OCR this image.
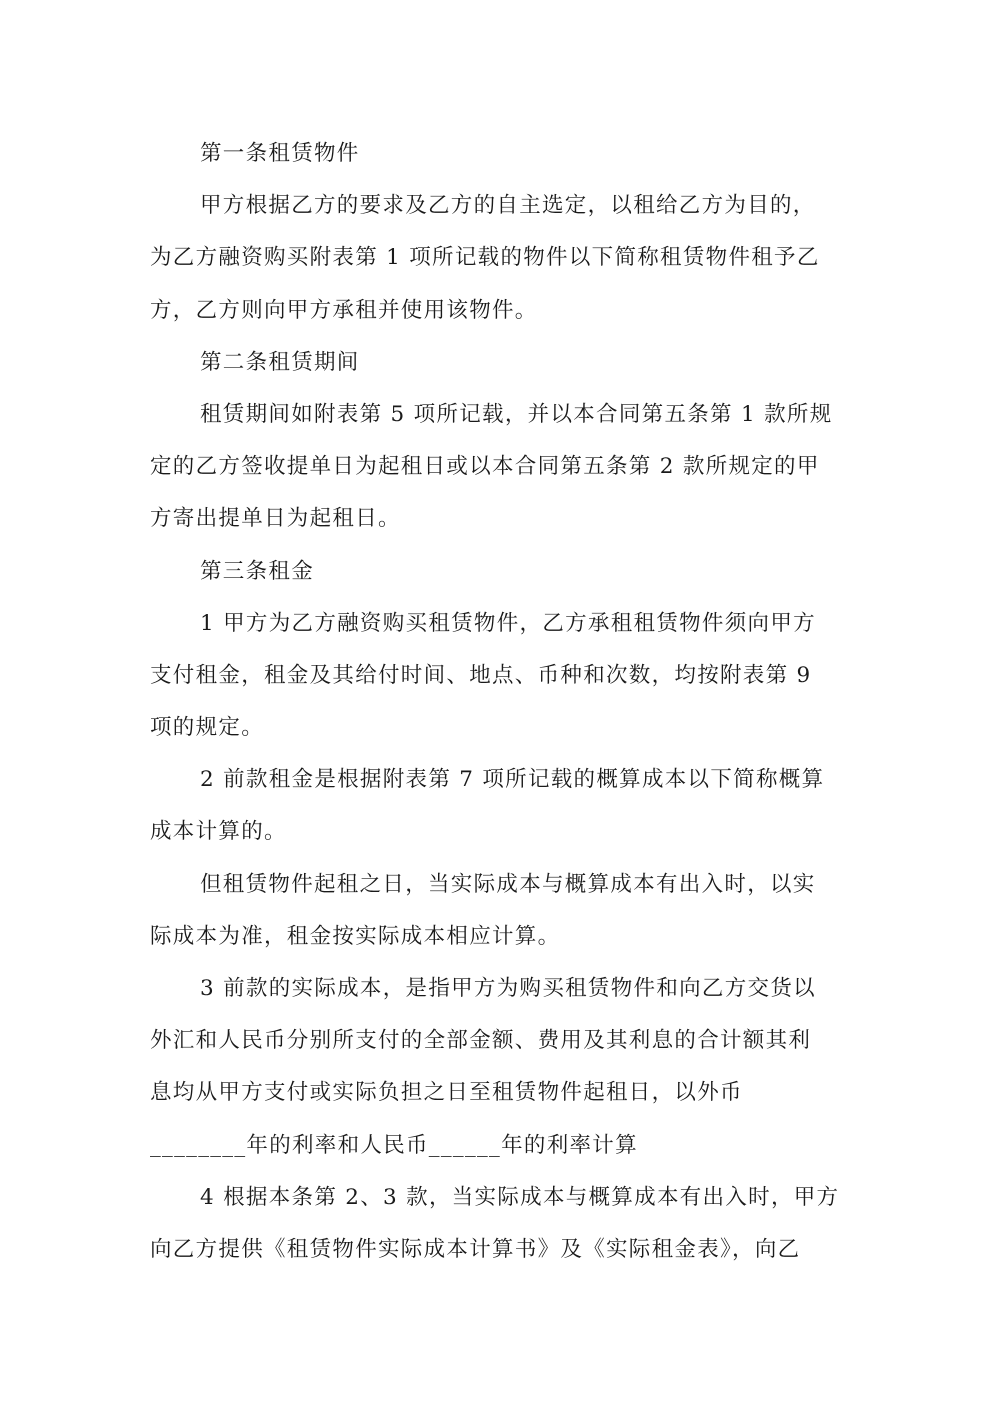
第一条租赁物件
甲方根据乙方的要求及乙方的自主选定，以租给乙方为目的，
为乙方融资购买附表第 1 项所记载的物件以下简称租赁物件租予乙
方，乙方则向甲方承租并使用该物件。
第二条租赁期间
租赁期间如附表第 5 项所记载，并以本合同第五条第 1 款所规
定的乙方签收提单日为起租日或以本合同第五条第 2 款所规定的甲
方寄出提单日为起租日。
第三条租金
1 甲方为乙方融资购买租赁物件，乙方承租租赁物件须向甲方
支付租金，租金及其给付时间、地点、币种和次数，均按附表第 9
项的规定。
2 前款租金是根据附表第 7 项所记载的概算成本以下简称概算
成本计算的。
但租赁物件起租之日，当实际成本与概算成本有出入时，以实
际成本为准，租金按实际成本相应计算。
3 前款的实际成本，是指甲方为购买租赁物件和向乙方交货以
外汇和人民币分别所支付的全部金额、费用及其利息的合计额其利
息均从甲方支付或实际负担之日至租赁物件起租日，以外币
________年的利率和人民币______年的利率计算
4 根据本条第 2、3 款，当实际成本与概算成本有出入时，甲方
向乙方提供《租赁物件实际成本计算书》及《实际租金表》，向乙
